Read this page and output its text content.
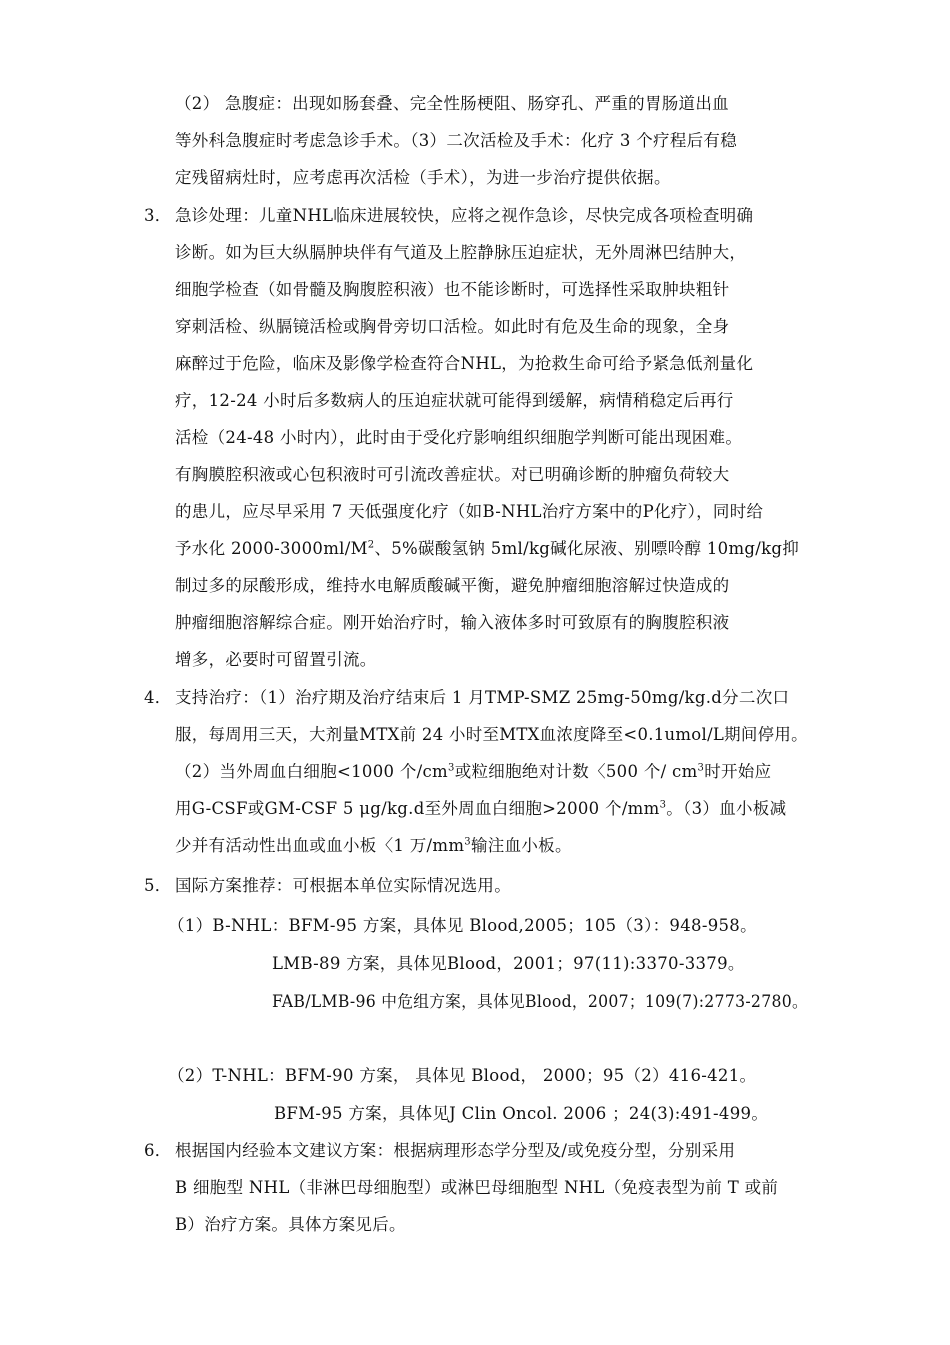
（2） 急腹症：出现如肠套叠、完全性肠梗阻、肠穿孔、严重的胃肠道出血
等外科急腹症时考虑急诊手术。（3）二次活检及手术：化疗 3 个疗程后有稳
定残留病灶时，应考虑再次活检（手术），为进一步治疗提供依据。
3． 急诊处理：儿童NHL临床进展较快，应将之视作急诊，尽快完成各项检查明确
诊断。如为巨大纵膈肿块伴有气道及上腔静脉压迫症状，无外周淋巴结肿大，
细胞学检查（如骨髓及胸腹腔积液）也不能诊断时，可选择性采取肿块粗针
穿刺活检、纵膈镜活检或胸骨旁切口活检。如此时有危及生命的现象，全身
麻醉过于危险，临床及影像学检查符合NHL，为抢救生命可给予紧急低剂量化
疗，12-24 小时后多数病人的压迫症状就可能得到缓解，病情稍稳定后再行
活检（24-48 小时内），此时由于受化疗影响组织细胞学判断可能出现困难。
有胸膜腔积液或心包积液时可引流改善症状。对已明确诊断的肿瘤负荷较大
的患儿，应尽早采用 7 天低强度化疗（如B-NHL治疗方案中的P化疗），同时给
予水化 $2000-3000ml/M^2$、5%碳酸氢钠 5ml/kg碱化尿液、别嘌呤醇 10mg/kg抑
制过多的尿酸形成，维持水电解质酸碱平衡，避免肿瘤细胞溶解过快造成的
肿瘤细胞溶解综合症。刚开始治疗时，输入液体多时可致原有的胸腹腔积液
增多，必要时可留置引流。
4． 支持治疗：（1）治疗期及治疗结束后 1 月TMP-SMZ 25mg-50mg/kg.d分二次口
服，每周用三天，大剂量MTX前 24 小时至MTX血浓度降至<0.1umol/L期间停用。
（2）当外周血白细胞<1000 个$/cm^3$或粒细胞绝对计数〈500 个/ $cm^3$时开始应
用G-CSF或GM-CSF 5 μg/kg.d至外周血白细胞>2000 个$/mm^3$。（3）血小板减
少并有活动性出血或血小板〈1 万$/mm^3$输注血小板。
5． 国际方案推荐：可根据本单位实际情况选用。
（1）B-NHL：BFM-95 方案，具体见 Blood,2005；105（3）：948-958。
LMB-89 方案，具体见Blood，2001；97(11):3370-3379。
FAB/LMB-96 中危组方案，具体见Blood，2007；109(7):2773-2780。
（2）T-NHL：BFM-90 方案， 具体见 Blood， 2000；95（2）416-421。
BFM-95 方案，具体见J Clin Oncol. 2006 ；24(3):491-499。
6． 根据国内经验本文建议方案：根据病理形态学分型及/或免疫分型，分别采用
B 细胞型 NHL（非淋巴母细胞型）或淋巴母细胞型 NHL（免疫表型为前 T 或前
B）治疗方案。具体方案见后。
